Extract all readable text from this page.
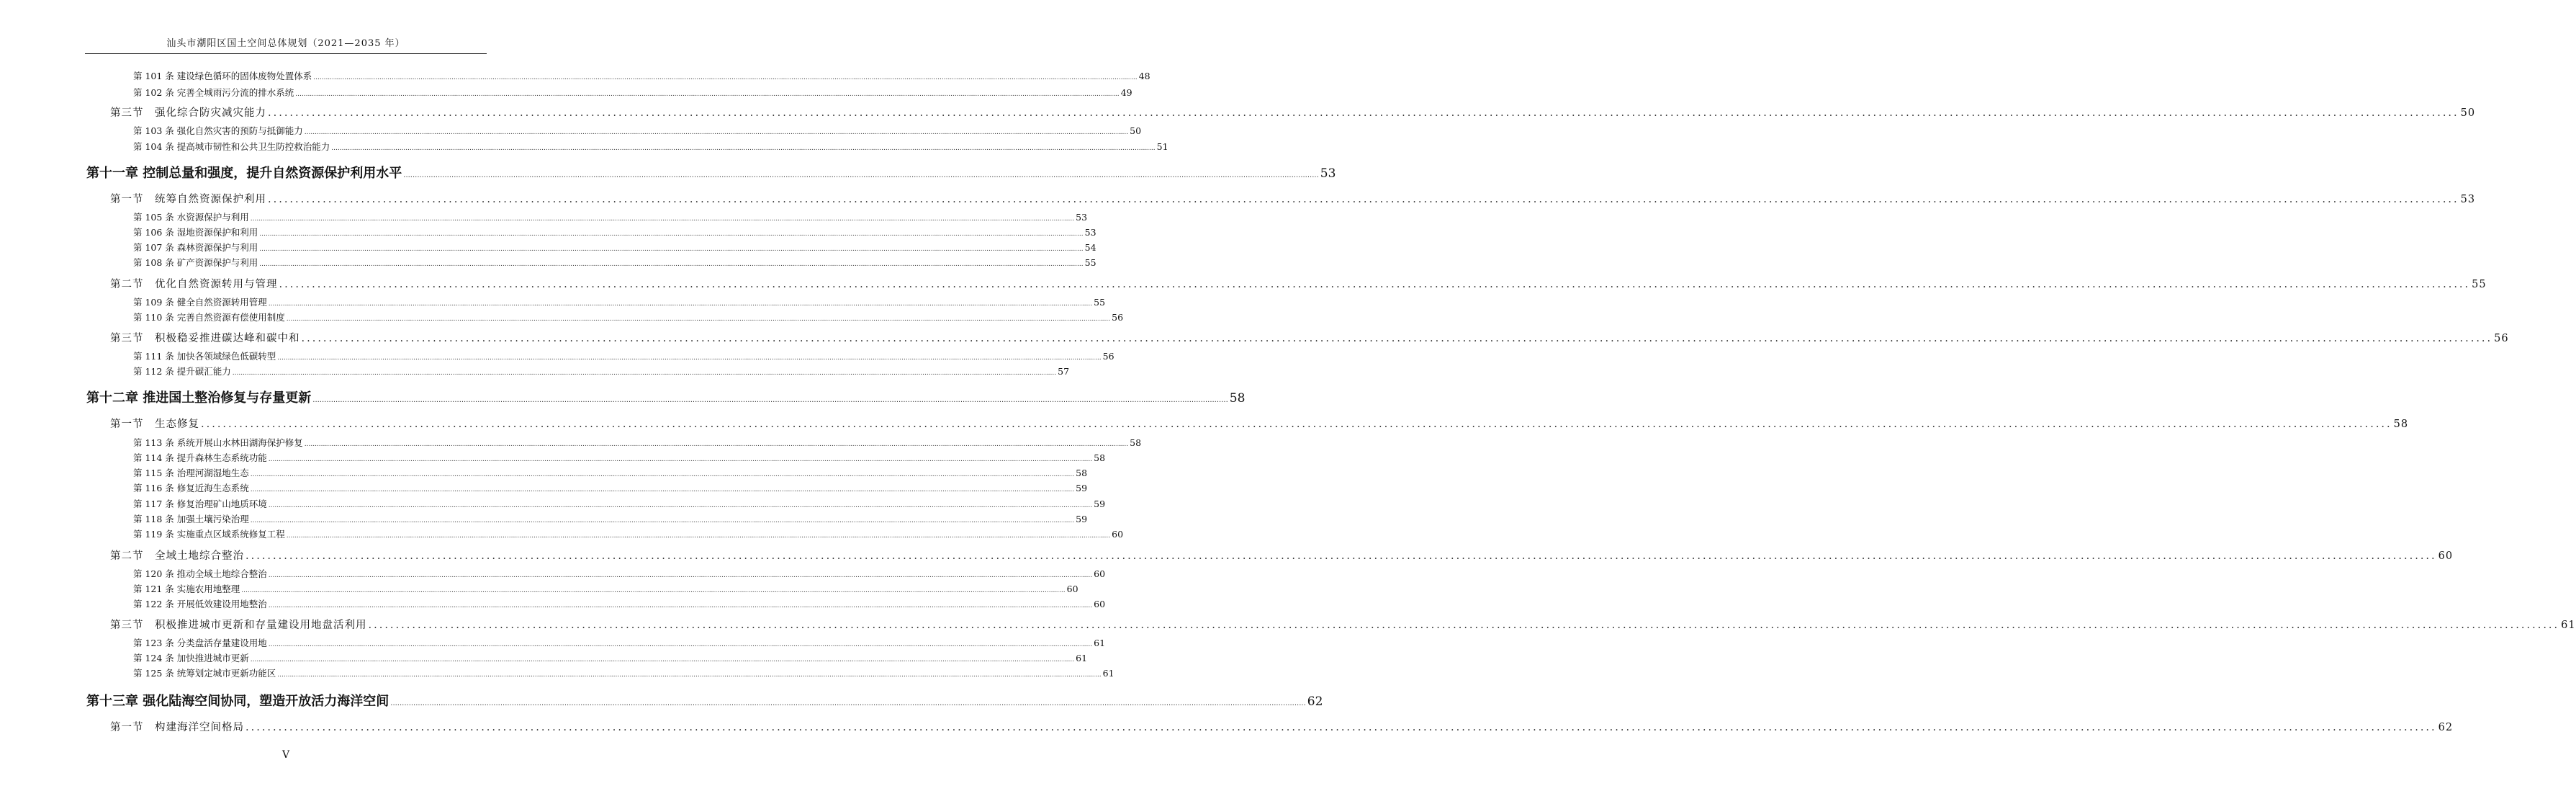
汕头市潮阳区国土空间总体规划（2021—2035 年）
第 101 条 建设绿色循环的固体废物处置体系 ................................................................................................................................................................................................................................................................................................................................................................................................................ 48
第 102 条 完善全城雨污分流的排水系统 ................................................................................................................................................................................................................................................................................................................................................................................................................ 49
第三节　强化综合防灾减灾能力 ................................................................................................................................................................................................................................................................................................................................................................................................................ 50
第 103 条 强化自然灾害的预防与抵御能力 ................................................................................................................................................................................................................................................................................................................................................................................................................ 50
第 104 条 提高城市韧性和公共卫生防控救治能力 ................................................................................................................................................................................................................................................................................................................................................................................................................ 51
第十一章 控制总量和强度，提升自然资源保护利用水平 ................................................................................................................................................................................................................................................................................................................................................................................................................ 53
第一节　统筹自然资源保护利用 ................................................................................................................................................................................................................................................................................................................................................................................................................ 53
第 105 条 水资源保护与利用 ................................................................................................................................................................................................................................................................................................................................................................................................................ 53
第 106 条 湿地资源保护和利用 ................................................................................................................................................................................................................................................................................................................................................................................................................ 53
第 107 条 森林资源保护与利用 ................................................................................................................................................................................................................................................................................................................................................................................................................ 54
第 108 条 矿产资源保护与利用 ................................................................................................................................................................................................................................................................................................................................................................................................................ 55
第二节　优化自然资源转用与管理 ................................................................................................................................................................................................................................................................................................................................................................................................................ 55
第 109 条 健全自然资源转用管理 ................................................................................................................................................................................................................................................................................................................................................................................................................ 55
第 110 条 完善自然资源有偿使用制度 ................................................................................................................................................................................................................................................................................................................................................................................................................ 56
第三节　积极稳妥推进碳达峰和碳中和 ................................................................................................................................................................................................................................................................................................................................................................................................................ 56
第 111 条 加快各领域绿色低碳转型 ................................................................................................................................................................................................................................................................................................................................................................................................................ 56
第 112 条 提升碳汇能力 ................................................................................................................................................................................................................................................................................................................................................................................................................ 57
第十二章 推进国土整治修复与存量更新 ................................................................................................................................................................................................................................................................................................................................................................................................................ 58
第一节　生态修复 ................................................................................................................................................................................................................................................................................................................................................................................................................ 58
第 113 条 系统开展山水林田湖海保护修复 ................................................................................................................................................................................................................................................................................................................................................................................................................ 58
第 114 条 提升森林生态系统功能 ................................................................................................................................................................................................................................................................................................................................................................................................................ 58
第 115 条 治理河湖湿地生态 ................................................................................................................................................................................................................................................................................................................................................................................................................ 58
第 116 条 修复近海生态系统 ................................................................................................................................................................................................................................................................................................................................................................................................................ 59
第 117 条 修复治理矿山地质环境 ................................................................................................................................................................................................................................................................................................................................................................................................................ 59
第 118 条 加强土壤污染治理 ................................................................................................................................................................................................................................................................................................................................................................................................................ 59
第 119 条 实施重点区域系统修复工程 ................................................................................................................................................................................................................................................................................................................................................................................................................ 60
第二节　全域土地综合整治 ................................................................................................................................................................................................................................................................................................................................................................................................................ 60
第 120 条 推动全域土地综合整治 ................................................................................................................................................................................................................................................................................................................................................................................................................ 60
第 121 条 实施农用地整理 ................................................................................................................................................................................................................................................................................................................................................................................................................ 60
第 122 条 开展低效建设用地整治 ................................................................................................................................................................................................................................................................................................................................................................................................................ 60
第三节　积极推进城市更新和存量建设用地盘活利用 ................................................................................................................................................................................................................................................................................................................................................................................................................ 61
第 123 条 分类盘活存量建设用地 ................................................................................................................................................................................................................................................................................................................................................................................................................ 61
第 124 条 加快推进城市更新 ................................................................................................................................................................................................................................................................................................................................................................................................................ 61
第 125 条 统筹划定城市更新功能区 ................................................................................................................................................................................................................................................................................................................................................................................................................ 61
第十三章 强化陆海空间协同，塑造开放活力海洋空间 ................................................................................................................................................................................................................................................................................................................................................................................................................ 62
第一节　构建海洋空间格局 ................................................................................................................................................................................................................................................................................................................................................................................................................ 62
V
